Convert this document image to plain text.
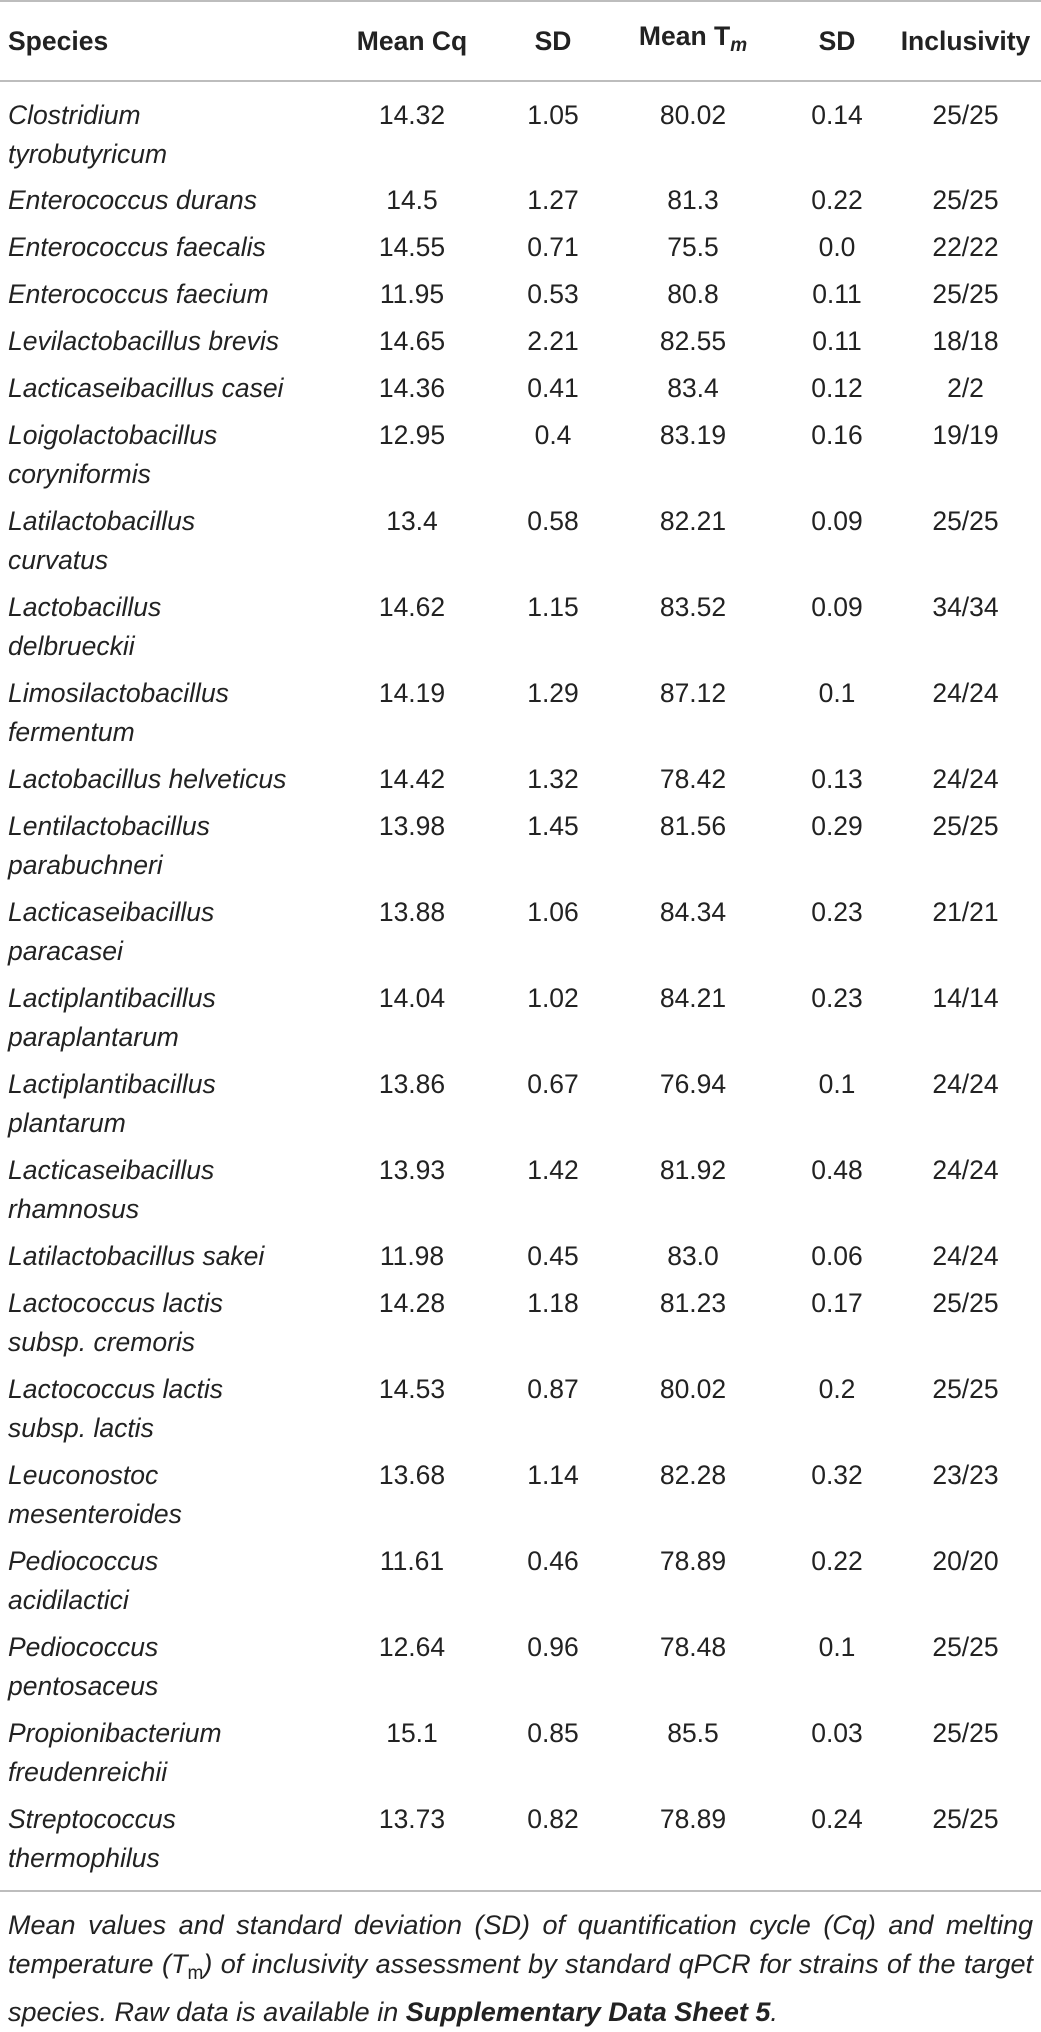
Species	Mean Cq	SD	Mean $T_m$	SD	Inclusivity
Clostridium
tyrobutyricum	14.32	1.05	80.02	0.14	25/25
Enterococcus durans	14.5	1.27	81.3	0.22	25/25
Enterococcus faecalis	14.55	0.71	75.5	0.0	22/22
Enterococcus faecium	11.95	0.53	80.8	0.11	25/25
Levilactobacillus brevis	14.65	2.21	82.55	0.11	18/18
Lacticaseibacillus casei	14.36	0.41	83.4	0.12	2/2
Loigolactobacillus
coryniformis	12.95	0.4	83.19	0.16	19/19
Latilactobacillus
curvatus	13.4	0.58	82.21	0.09	25/25
Lactobacillus
delbrueckii	14.62	1.15	83.52	0.09	34/34
Limosilactobacillus
fermentum	14.19	1.29	87.12	0.1	24/24
Lactobacillus helveticus	14.42	1.32	78.42	0.13	24/24
Lentilactobacillus
parabuchneri	13.98	1.45	81.56	0.29	25/25
Lacticaseibacillus
paracasei	13.88	1.06	84.34	0.23	21/21
Lactiplantibacillus
paraplantarum	14.04	1.02	84.21	0.23	14/14
Lactiplantibacillus
plantarum	13.86	0.67	76.94	0.1	24/24
Lacticaseibacillus
rhamnosus	13.93	1.42	81.92	0.48	24/24
Latilactobacillus sakei	11.98	0.45	83.0	0.06	24/24
Lactococcus lactis
subsp. cremoris	14.28	1.18	81.23	0.17	25/25
Lactococcus lactis
subsp. lactis	14.53	0.87	80.02	0.2	25/25
Leuconostoc
mesenteroides	13.68	1.14	82.28	0.32	23/23
Pediococcus
acidilactici	11.61	0.46	78.89	0.22	20/20
Pediococcus
pentosaceus	12.64	0.96	78.48	0.1	25/25
Propionibacterium
freudenreichii	15.1	0.85	85.5	0.03	25/25
Streptococcus
thermophilus	13.73	0.82	78.89	0.24	25/25
Mean values and standard deviation (SD) of quantification cycle (Cq) and melting temperature $(T_m)$ of inclusivity assessment by standard qPCR for strains of the target species. Raw data is available in Supplementary Data Sheet 5.
